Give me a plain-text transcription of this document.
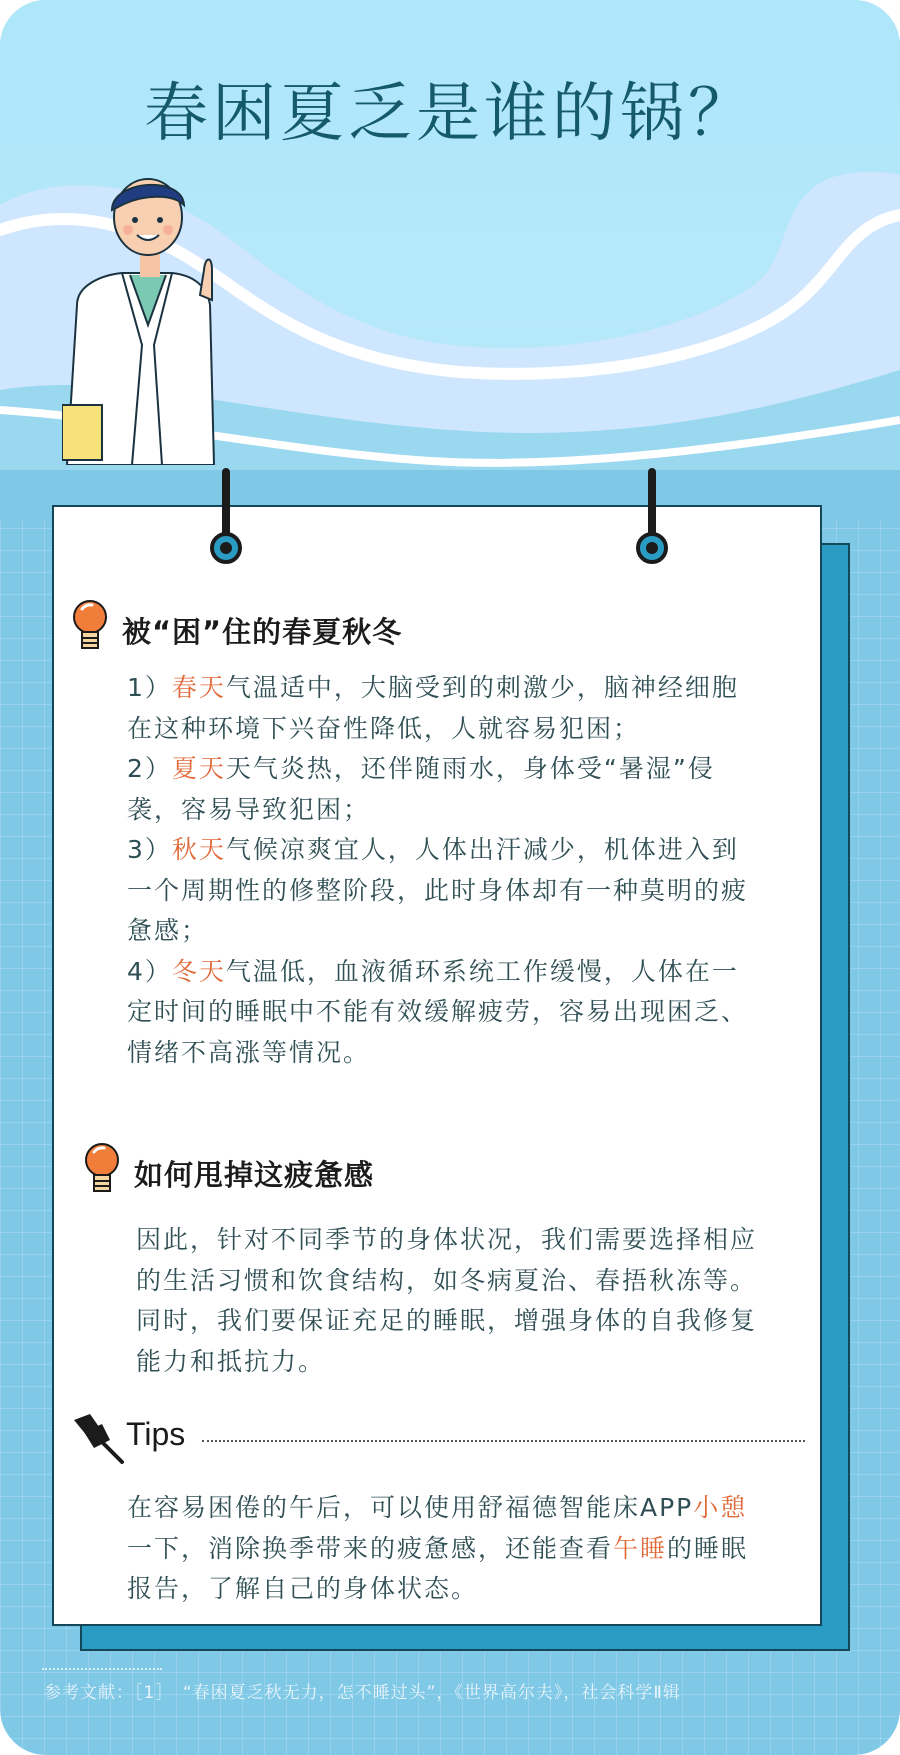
春困夏乏是谁的锅？
被“困”住的春夏秋冬

1）春天气温适中，大脑受到的刺激少，脑神经细胞在这种环境下兴奋性降低，人就容易犯困；

2）夏天天气炎热，还伴随雨水，身体受“暑湿”侵袭，容易导致犯困；

3）秋天气候凉爽宜人，人体出汗减少，机体进入到一个周期性的修整阶段，此时身体却有一种莫明的疲惫感；

4）冬天气温低，血液循环系统工作缓慢，人体在一定时间的睡眠中不能有效缓解疲劳，容易出现困乏、情绪不高涨等情况。

如何甩掉这疲惫感

因此，针对不同季节的身体状况，我们需要选择相应的生活习惯和饮食结构，如冬病夏治、春捂秋冻等。同时，我们要保证充足的睡眠，增强身体的自我修复能力和抵抗力。

Tips

在容易困倦的午后，可以使用舒福德智能床APP小憩一下，消除换季带来的疲惫感，还能查看午睡的睡眠报告，了解自己的身体状态。

参考文献：［1］　“春困夏乏秋无力，怎不睡过头”，《世界高尔夫》，社会科学Ⅱ辑
